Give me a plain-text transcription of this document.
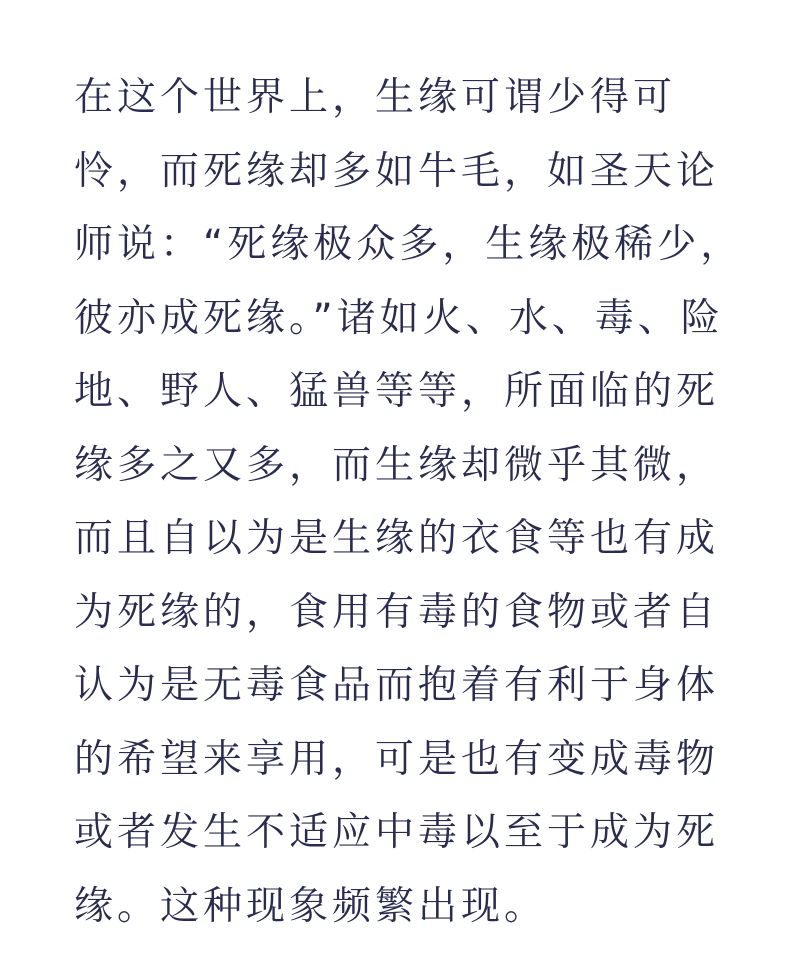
在这个世界上，生缘可谓少得可
怜，而死缘却多如牛毛，如圣天论
师说：“死缘极众多，生缘极稀少，
彼亦成死缘。”诸如火、水、毒、险
地、野人、猛兽等等，所面临的死
缘多之又多，而生缘却微乎其微，
而且自以为是生缘的衣食等也有成
为死缘的，食用有毒的食物或者自
认为是无毒食品而抱着有利于身体
的希望来享用，可是也有变成毒物
或者发生不适应中毒以至于成为死
缘。这种现象频繁出现。
